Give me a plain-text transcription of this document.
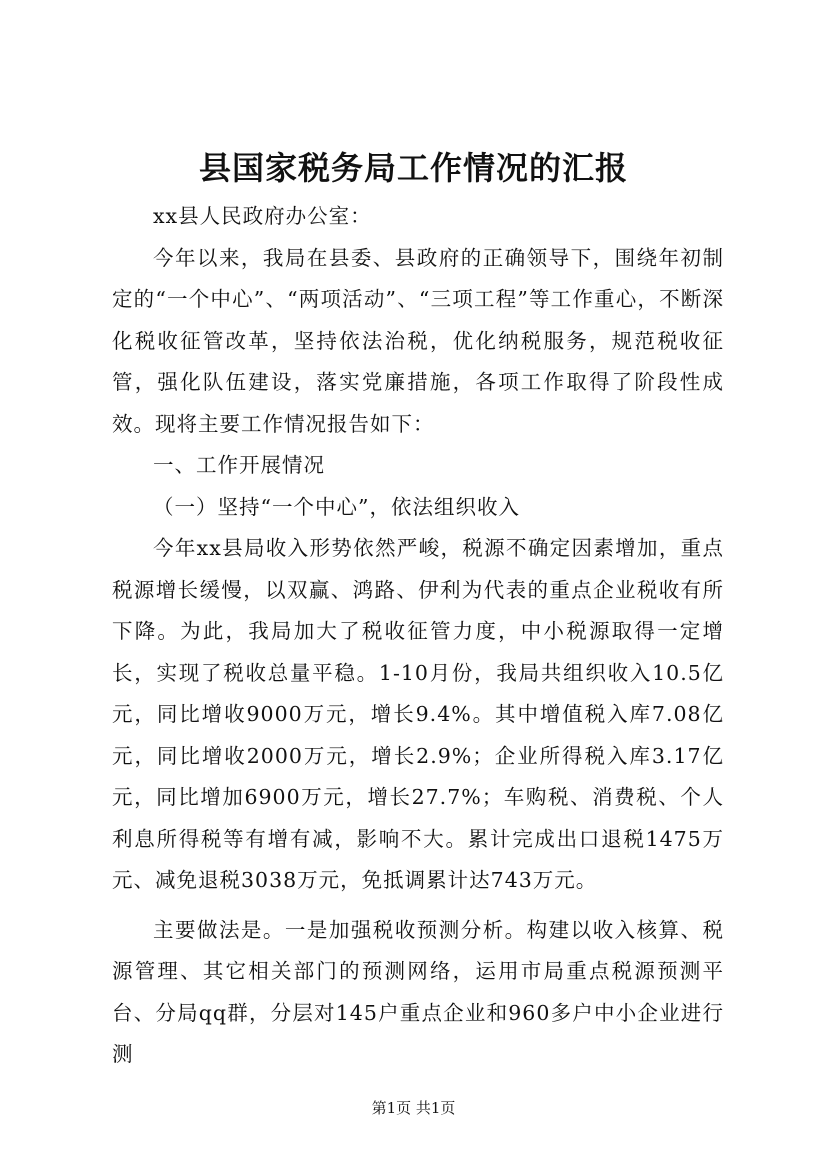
县国家税务局工作情况的汇报

xx县人民政府办公室：

今年以来，我局在县委、县政府的正确领导下，围绕年初制定的“一个中心”、“两项活动”、“三项工程”等工作重心，不断深化税收征管改革，坚持依法治税，优化纳税服务，规范税收征管，强化队伍建设，落实党廉措施，各项工作取得了阶段性成效。现将主要工作情况报告如下：

一、工作开展情况

（一）坚持“一个中心”，依法组织收入

今年xx县局收入形势依然严峻，税源不确定因素增加，重点税源增长缓慢，以双赢、鸿路、伊利为代表的重点企业税收有所下降。为此，我局加大了税收征管力度，中小税源取得一定增长，实现了税收总量平稳。1-10月份，我局共组织收入10.5亿元，同比增收9000万元，增长9.4%。其中增值税入库7.08亿元，同比增收2000万元，增长2.9%；企业所得税入库3.17亿元，同比增加6900万元，增长27.7%；车购税、消费税、个人利息所得税等有增有减，影响不大。累计完成出口退税1475万元、减免退税3038万元，免抵调累计达743万元。

主要做法是。一是加强税收预测分析。构建以收入核算、税源管理、其它相关部门的预测网络，运用市局重点税源预测平台、分局qq群，分层对145户重点企业和960多户中小企业进行测

第1页 共1页
